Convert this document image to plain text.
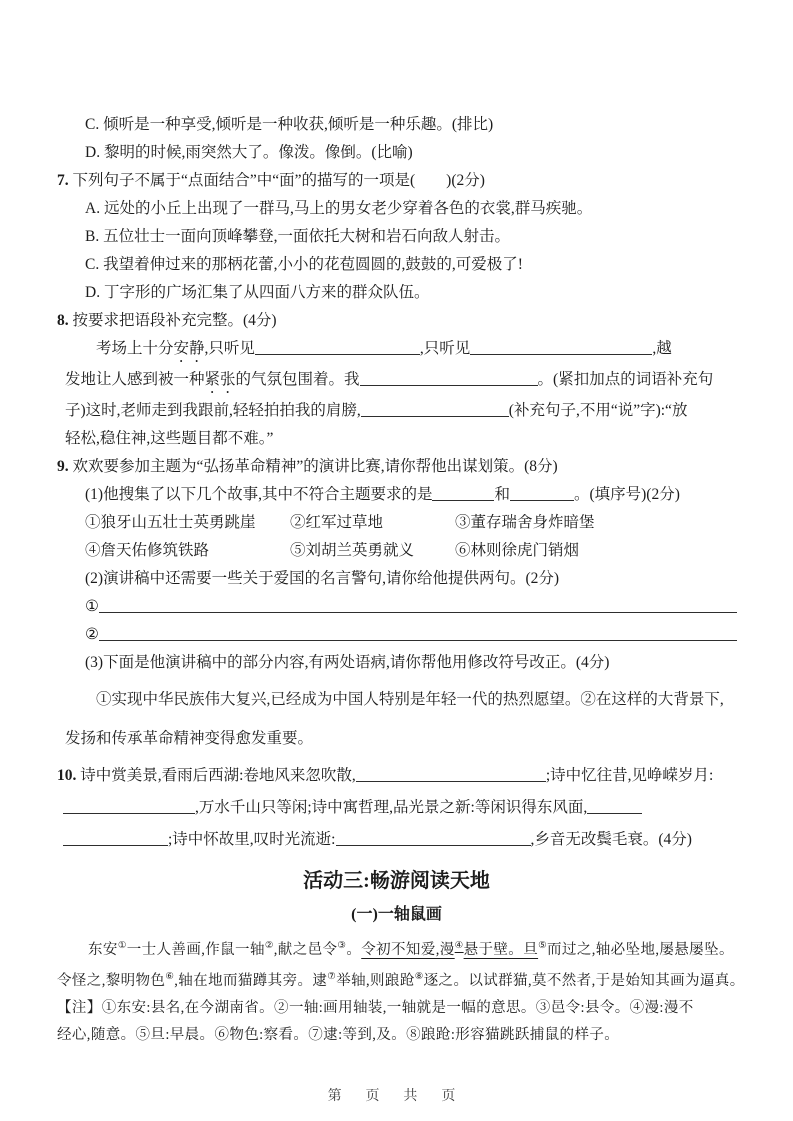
C. 倾听是一种享受,倾听是一种收获,倾听是一种乐趣。(排比)
D. 黎明的时候,雨突然大了。像泼。像倒。(比喻)
7. 下列句子不属于“点面结合”中“面”的描写的一项是(　　)(2分)
A. 远处的小丘上出现了一群马,马上的男女老少穿着各色的衣裳,群马疾驰。
B. 五位壮士一面向顶峰攀登,一面依托大树和岩石向敌人射击。
C. 我望着伸过来的那柄花蕾,小小的花苞圆圆的,鼓鼓的,可爱极了!
D. 丁字形的广场汇集了从四面八方来的群众队伍。
8. 按要求把语段补充完整。(4分)
考场上十分安静,只听见	,只听见	,越
发地让人感到被一种紧张的气氛包围着。我	。(紧扣加点的词语补充句
子)这时,老师走到我跟前,轻轻拍拍我的肩膀,	(补充句子,不用“说”字):“放
轻松,稳住神,这些题目都不难。”
9. 欢欢要参加主题为“弘扬革命精神”的演讲比赛,请你帮他出谋划策。(8分)
(1)他搜集了以下几个故事,其中不符合主题要求的是	和	。(填序号)(2分)
①狼牙山五壮士英勇跳崖 ②红军过草地	③董存瑞舍身炸暗堡
④詹天佑修筑铁路	⑤刘胡兰英勇就义	⑥林则徐虎门销烟
(2)演讲稿中还需要一些关于爱国的名言警句,请你给他提供两句。(2分)
①
②
(3)下面是他演讲稿中的部分内容,有两处语病,请你帮他用修改符号改正。(4分)
①实现中华民族伟大复兴,已经成为中国人特别是年轻一代的热烈愿望。②在这样的大背景下,
发扬和传承革命精神变得愈发重要。
10. 诗中赏美景,看雨后西湖:卷地风来忽吹散,	;诗中忆往昔,见峥嵘岁月:
,万水千山只等闲;诗中寓哲理,品光景之新:等闲识得东风面,
;诗中怀故里,叹时光流逝:	,乡音无改鬓毛衰。(4分)
活动三:畅游阅读天地
(一)一轴鼠画
东安①一士人善画,作鼠一轴②,献之邑令③。令初不知爱,漫④悬于壁。旦⑤而过之,轴必坠地,屡悬屡坠。
令怪之,黎明物色⑥,轴在地而猫蹲其旁。逮⑦举轴,则踉跄⑧逐之。以试群猫,莫不然者,于是始知其画为逼真。
【注】①东安:县名,在今湖南省。②一轴:画用轴装,一轴就是一幅的意思。③邑令:县令。④漫:漫不
经心,随意。⑤旦:早晨。⑥物色:察看。⑦逮:等到,及。⑧踉跄:形容猫跳跃捕鼠的样子。
第 页 共 页
